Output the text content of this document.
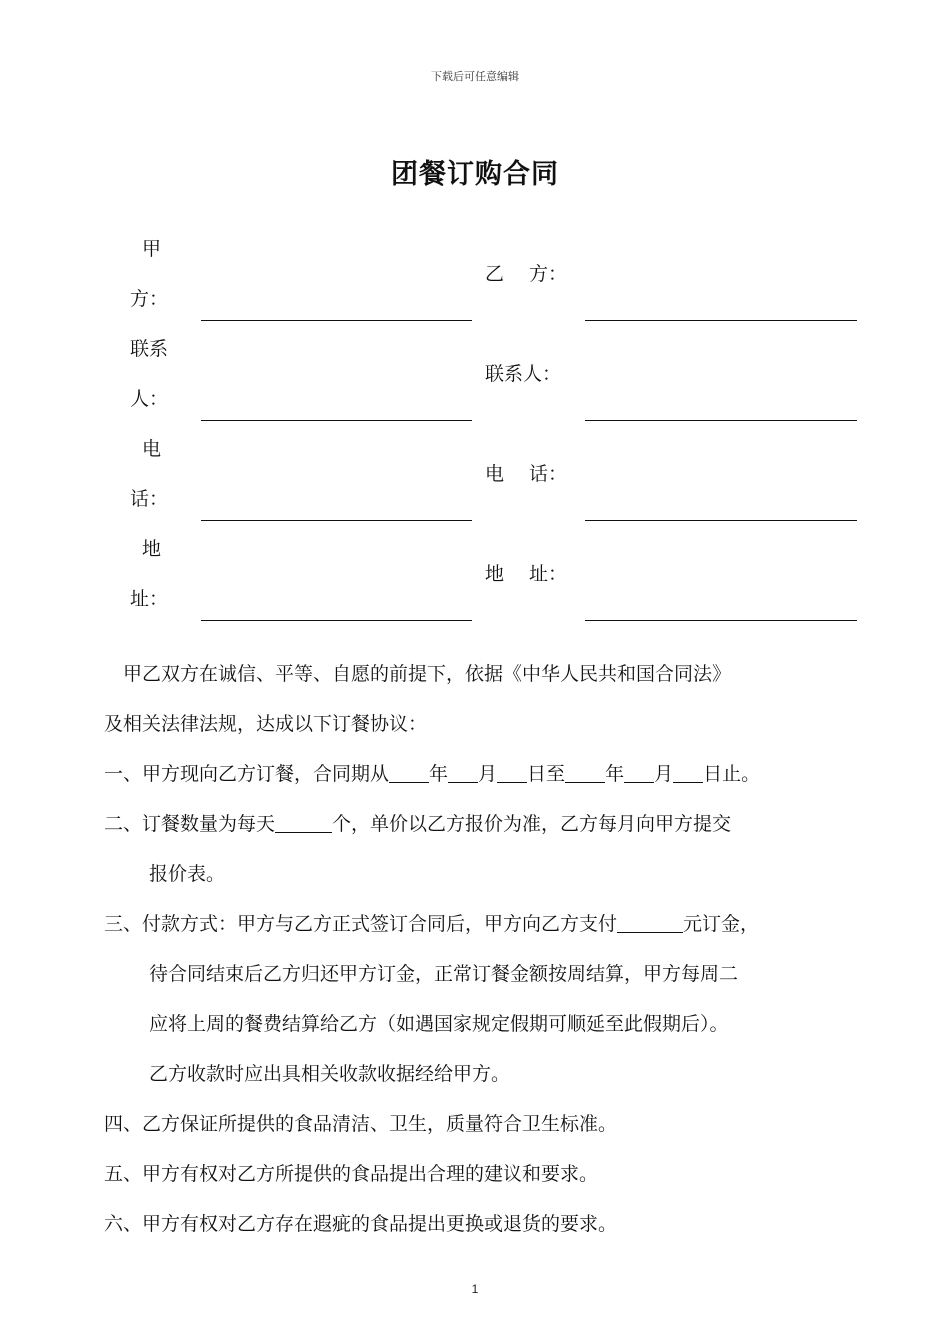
下载后可任意编辑
团餐订购合同
甲
方：
乙　 方：
联系
人：
联系人：
电
话：
电　 话：
地
址：
地　 址：
甲乙双方在诚信、平等、自愿的前提下，依据《中华人民共和国合同法》
及相关法律法规，达成以下订餐协议：
一、甲方现向乙方订餐，合同期从 年 月 日至 年 月 日止。
二、订餐数量为每天	个，单价以乙方报价为准，乙方每月向甲方提交
报价表。
三、付款方式：甲方与乙方正式签订合同后，甲方向乙方支付	元订金，
待合同结束后乙方归还甲方订金，正常订餐金额按周结算，甲方每周二
应将上周的餐费结算给乙方（如遇国家规定假期可顺延至此假期后）。
乙方收款时应出具相关收款收据经给甲方。
四、乙方保证所提供的食品清洁、卫生，质量符合卫生标准。
五、甲方有权对乙方所提供的食品提出合理的建议和要求。
六、甲方有权对乙方存在遐疵的食品提出更换或退货的要求。
1
